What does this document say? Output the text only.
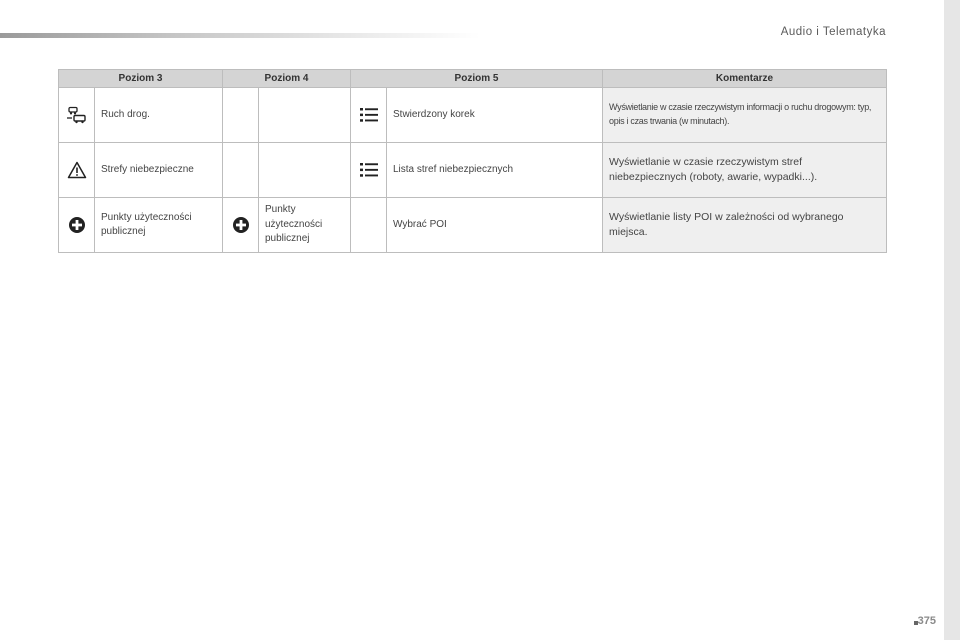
Audio i Telematyka
375
Poziom 3		Poziom 4		Poziom 5		Komentarze

	Ruch drog.				Stwierdzony korek	Wyświetlanie w czasie rzeczywistym informacji o ruchu drogowym: typ, opis i czas trwania (w minutach).

	Strefy niebezpieczne				Lista stref niebezpiecznych	Wyświetlanie w czasie rzeczywistym stref niebezpiecznych (roboty, awarie, wypadki...).

	Punkty użyteczności publicznej		Punkty użyteczności publicznej		Wybrać POI	Wyświetlanie listy POI w zależności od wybranego miejsca.
